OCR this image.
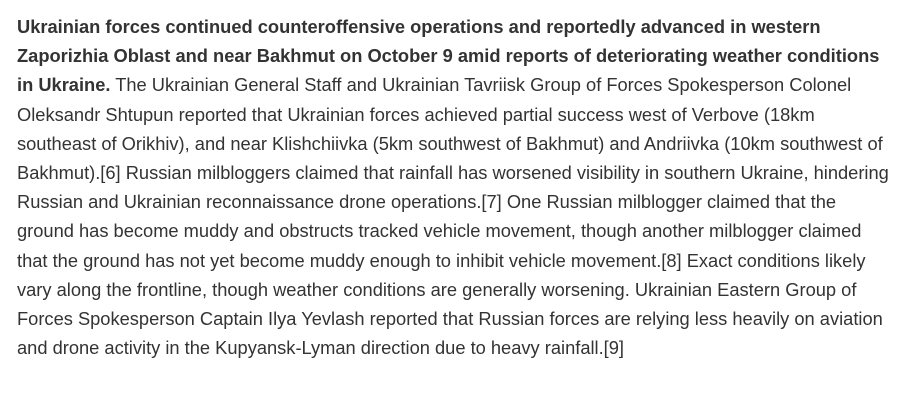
Ukrainian forces continued counteroffensive operations and reportedly advanced in western Zaporizhia Oblast and near Bakhmut on October 9 amid reports of deteriorating weather conditions in Ukraine. The Ukrainian General Staff and Ukrainian Tavriisk Group of Forces Spokesperson Colonel Oleksandr Shtupun reported that Ukrainian forces achieved partial success west of Verbove (18km southeast of Orikhiv), and near Klishchiivka (5km southwest of Bakhmut) and Andriivka (10km southwest of Bakhmut).[6] Russian milbloggers claimed that rainfall has worsened visibility in southern Ukraine, hindering Russian and Ukrainian reconnaissance drone operations.[7] One Russian milblogger claimed that the ground has become muddy and obstructs tracked vehicle movement, though another milblogger claimed that the ground has not yet become muddy enough to inhibit vehicle movement.[8] Exact conditions likely vary along the frontline, though weather conditions are generally worsening. Ukrainian Eastern Group of Forces Spokesperson Captain Ilya Yevlash reported that Russian forces are relying less heavily on aviation and drone activity in the Kupyansk-Lyman direction due to heavy rainfall.[9]
